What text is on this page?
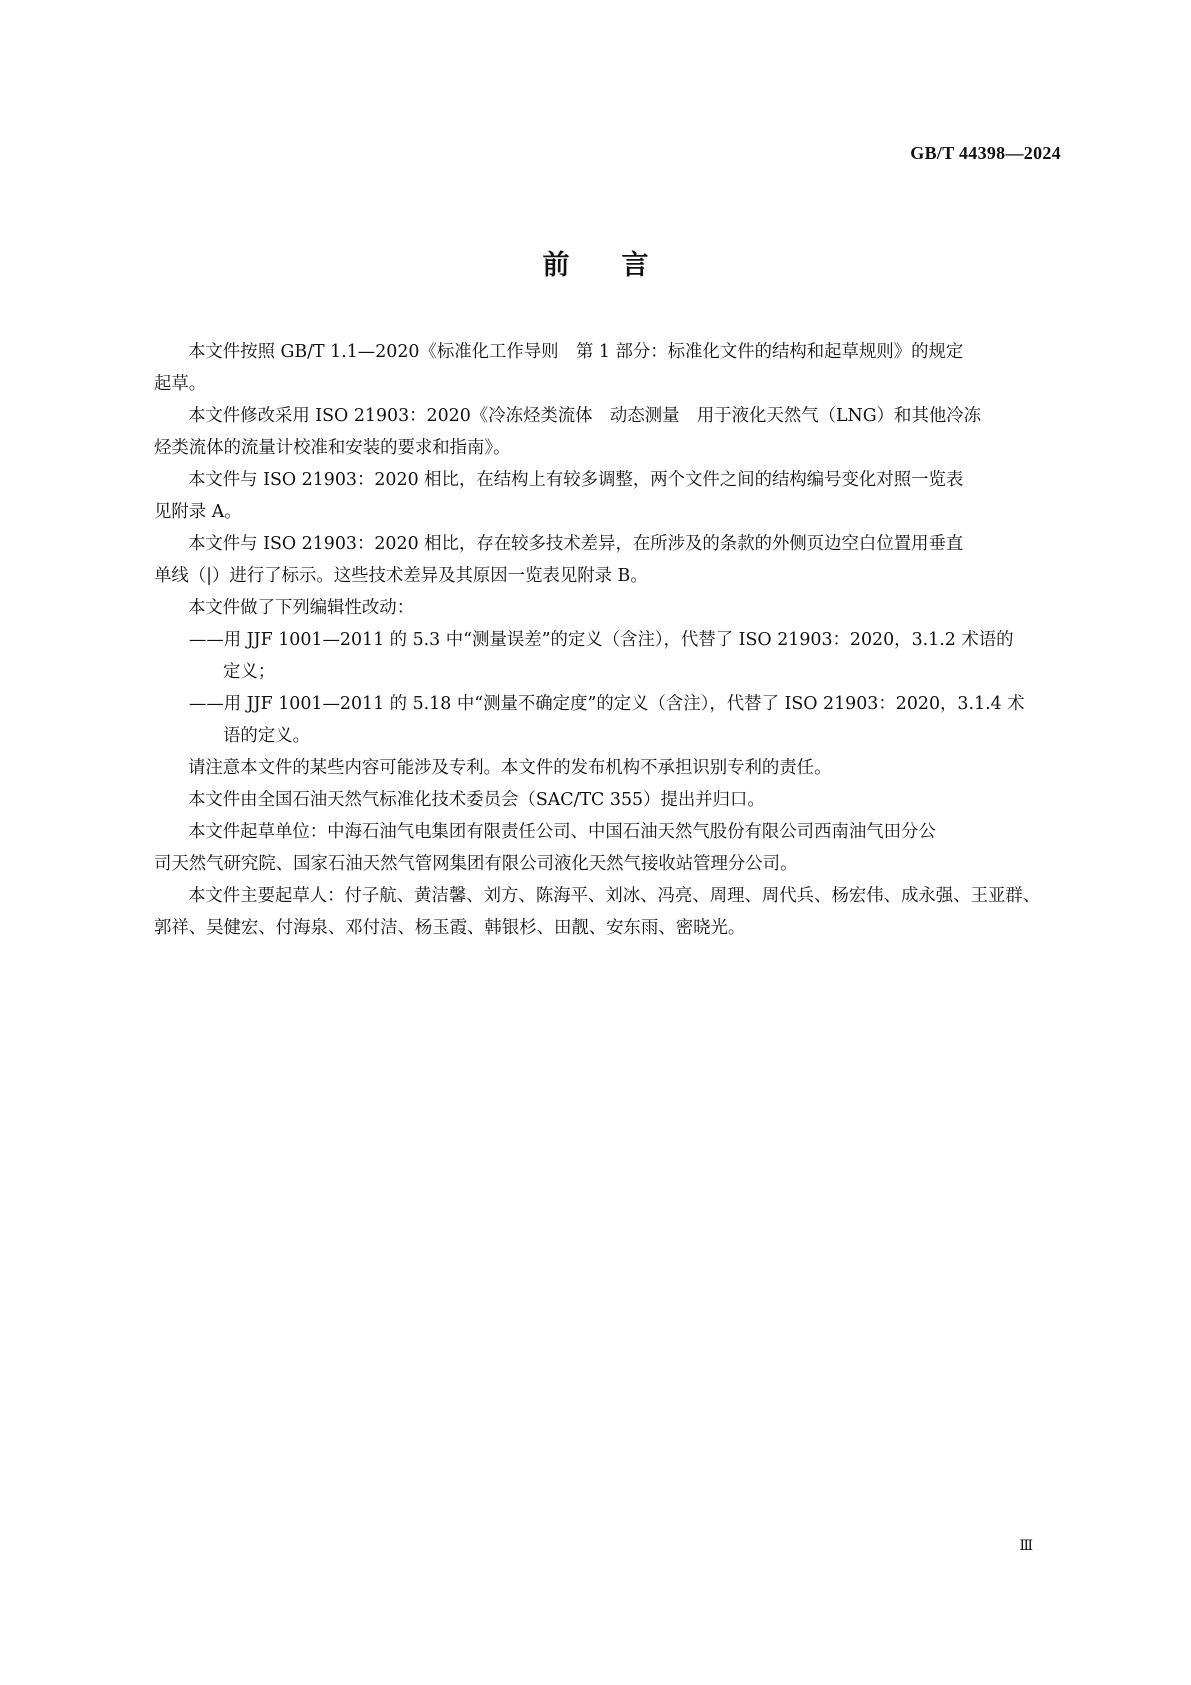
GB/T 44398—2024
前言

本文件按照 GB/T 1.1—2020《标准化工作导则　第 1 部分：标准化文件的结构和起草规则》的规定
起草。

本文件修改采用 ISO 21903：2020《冷冻烃类流体　动态测量　用于液化天然气（LNG）和其他冷冻
烃类流体的流量计校准和安装的要求和指南》。

本文件与 ISO 21903：2020 相比，在结构上有较多调整，两个文件之间的结构编号变化对照一览表
见附录 A。

本文件与 ISO 21903：2020 相比，存在较多技术差异，在所涉及的条款的外侧页边空白位置用垂直
单线（|）进行了标示。这些技术差异及其原因一览表见附录 B。

本文件做了下列编辑性改动：

——用 JJF 1001—2011 的 5.3 中“测量误差”的定义（含注），代替了 ISO 21903：2020，3.1.2 术语的
定义；

——用 JJF 1001—2011 的 5.18 中“测量不确定度”的定义（含注），代替了 ISO 21903：2020，3.1.4 术
语的定义。

请注意本文件的某些内容可能涉及专利。本文件的发布机构不承担识别专利的责任。

本文件由全国石油天然气标准化技术委员会（SAC/TC 355）提出并归口。

本文件起草单位：中海石油气电集团有限责任公司、中国石油天然气股份有限公司西南油气田分公
司天然气研究院、国家石油天然气管网集团有限公司液化天然气接收站管理分公司。

本文件主要起草人：付子航、黄洁馨、刘方、陈海平、刘冰、冯亮、周理、周代兵、杨宏伟、成永强、王亚群、
郭祥、吴健宏、付海泉、邓付洁、杨玉霞、韩银杉、田靓、安东雨、密晓光。

Ⅲ
